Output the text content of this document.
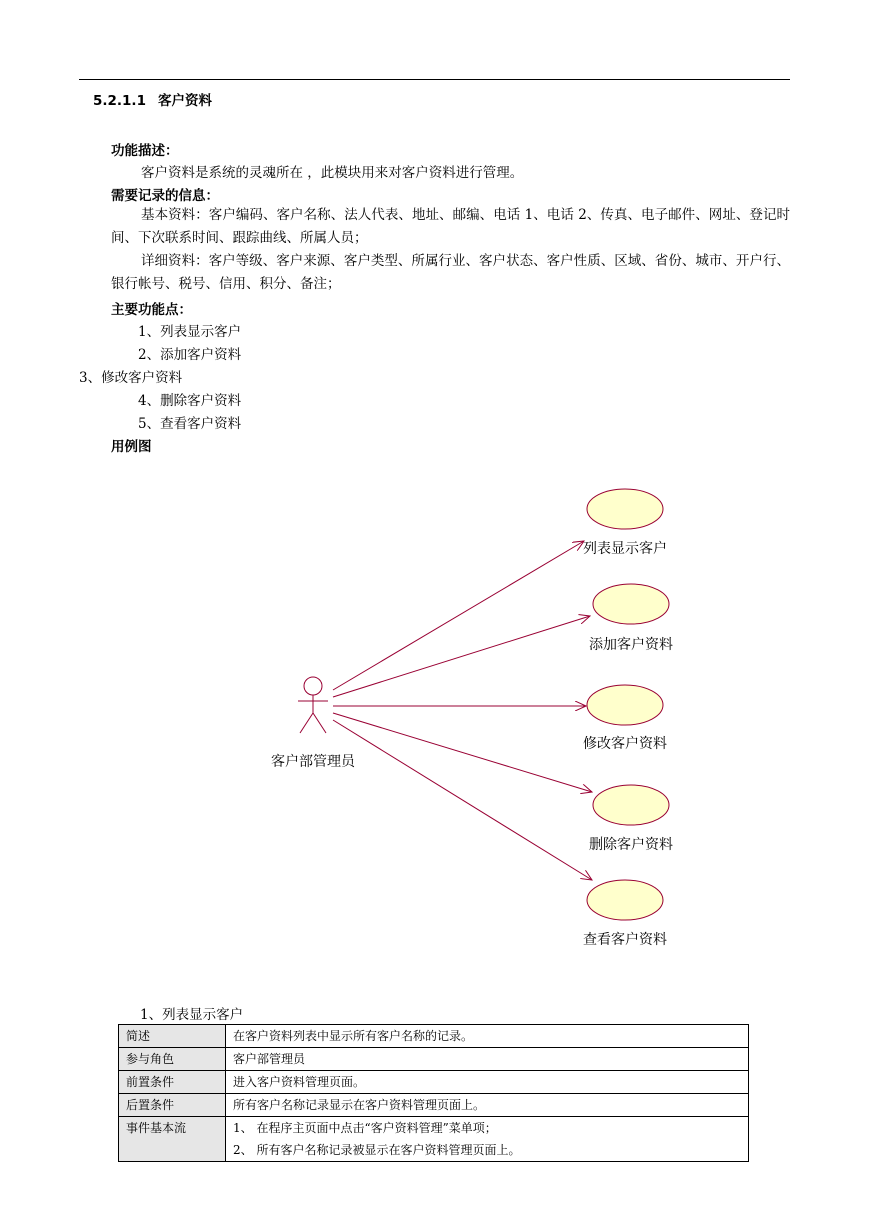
5.2.1.1 客户资料
功能描述：
客户资料是系统的灵魂所在 ，此模块用来对客户资料进行管理。
需要记录的信息：
基本资料：客户编码、客户名称、法人代表、地址、邮编、电话 1、电话 2、传真、电子邮件、网址、登记时间、下次联系时间、跟踪曲线、所属人员；
详细资料：客户等级、客户来源、客户类型、所属行业、客户状态、客户性质、区域、省份、城市、开户行、银行帐号、税号、信用、积分、备注；
主要功能点：
1、列表显示客户
2、添加客户资料
3、修改客户资料
4、删除客户资料
5、查看客户资料
用例图
客户部管理员
列表显示客户
添加客户资料
修改客户资料
删除客户资料
查看客户资料
1、列表显示客户
简述	在客户资料列表中显示所有客户名称的记录。
参与角色	客户部管理员
前置条件	进入客户资料管理页面。
后置条件	所有客户名称记录显示在客户资料管理页面上。
事件基本流	1、 在程序主页面中点击“客户资料管理”菜单项；
2、 所有客户名称记录被显示在客户资料管理页面上。
